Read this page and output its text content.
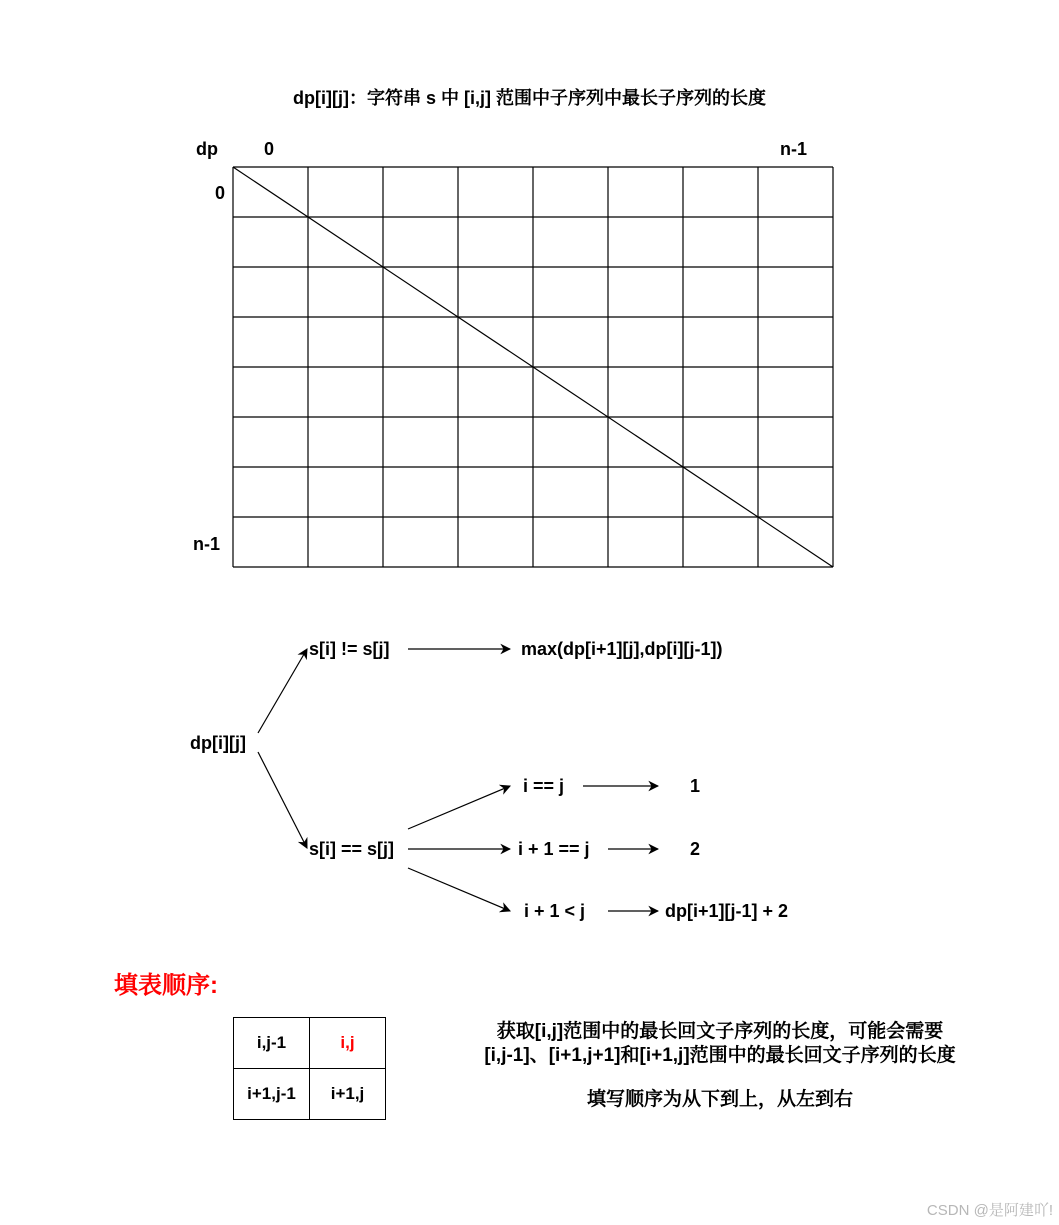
dp[i][j]：字符串 s 中 [i,j] 范围中子序列中最长子序列的长度
dp	0	n-1
0
n-1
dp[i][j]
s[i] != s[j]	max(dp[i+1][j],dp[i][j-1])
s[i] == s[j]
i == j	1
i + 1 == j	2
i + 1 < j	dp[i+1][j-1] + 2
填表顺序:
i,j-1	i,j
i+1,j-1	i+1,j
获取[i,j]范围中的最长回文子序列的长度，可能会需要
[i,j-1]、[i+1,j+1]和[i+1,j]范围中的最长回文子序列的长度
填写顺序为从下到上，从左到右
CSDN @是阿建吖!
